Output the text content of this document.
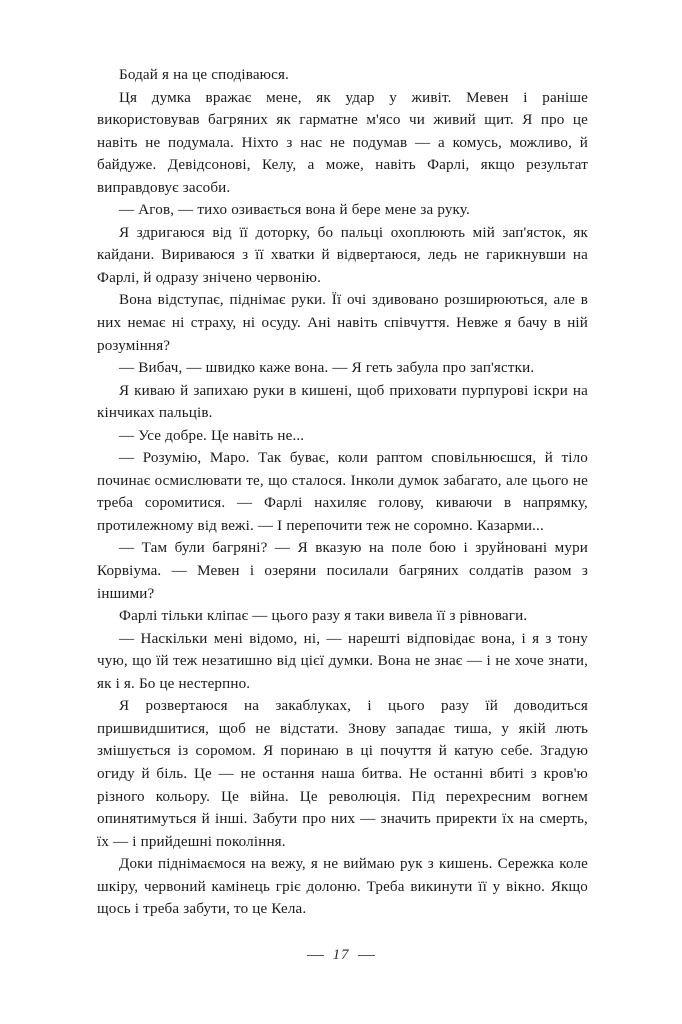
Бодай я на це сподіваюся.

Ця думка вражає мене, як удар у живіт. Мевен і раніше використовував багряних як гарматне м'ясо чи живий щит. Я про це навіть не подумала. Ніхто з нас не подумав — а комусь, можливо, й байдуже. Девідсонові, Келу, а може, навіть Фарлі, якщо результат виправдовує засоби.

— Агов, — тихо озивається вона й бере мене за руку.

Я здригаюся від її доторку, бо пальці охоплюють мій зап'ясток, як кайдани. Вириваюся з її хватки й відвертаюся, ледь не гарикнувши на Фарлі, й одразу знічено червонію.

Вона відступає, піднімає руки. Її очі здивовано розширюються, але в них немає ні страху, ні осуду. Ані навіть співчуття. Невже я бачу в ній розуміння?

— Вибач, — швидко каже вона. — Я геть забула про зап'ястки.

Я киваю й запихаю руки в кишені, щоб приховати пурпурові іскри на кінчиках пальців.

— Усе добре. Це навіть не...

— Розумію, Маро. Так буває, коли раптом сповільнюєшся, й тіло починає осмислювати те, що сталося. Інколи думок забагато, але цього не треба соромитися. — Фарлі нахиляє голову, киваючи в напрямку, протилежному від вежі. — І перепочити теж не соромно. Казарми...

— Там були багряні? — Я вказую на поле бою і зруйновані мури Корвіума. — Мевен і озеряни посилали багряних солдатів разом з іншими?

Фарлі тільки кліпає — цього разу я таки вивела її з рівноваги.

— Наскільки мені відомо, ні, — нарешті відповідає вона, і я з тону чую, що їй теж незатишно від цієї думки. Вона не знає — і не хоче знати, як і я. Бо це нестерпно.

Я розвертаюся на закаблуках, і цього разу їй доводиться пришвидшитися, щоб не відстати. Знову западає тиша, у якій лють змішується із соромом. Я поринаю в ці почуття й катую себе. Згадую огиду й біль. Це — не остання наша битва. Не останні вбиті з кров'ю різного кольору. Це війна. Це революція. Під перехресним вогнем опинятимуться й інші. Забути про них — значить приректи їх на смерть, їх — і прийдешні покоління.

Доки піднімаємося на вежу, я не виймаю рук з кишень. Сережка коле шкіру, червоний камінець гріє долоню. Треба викинути її у вікно. Якщо щось і треба забути, то це Кела.

17
